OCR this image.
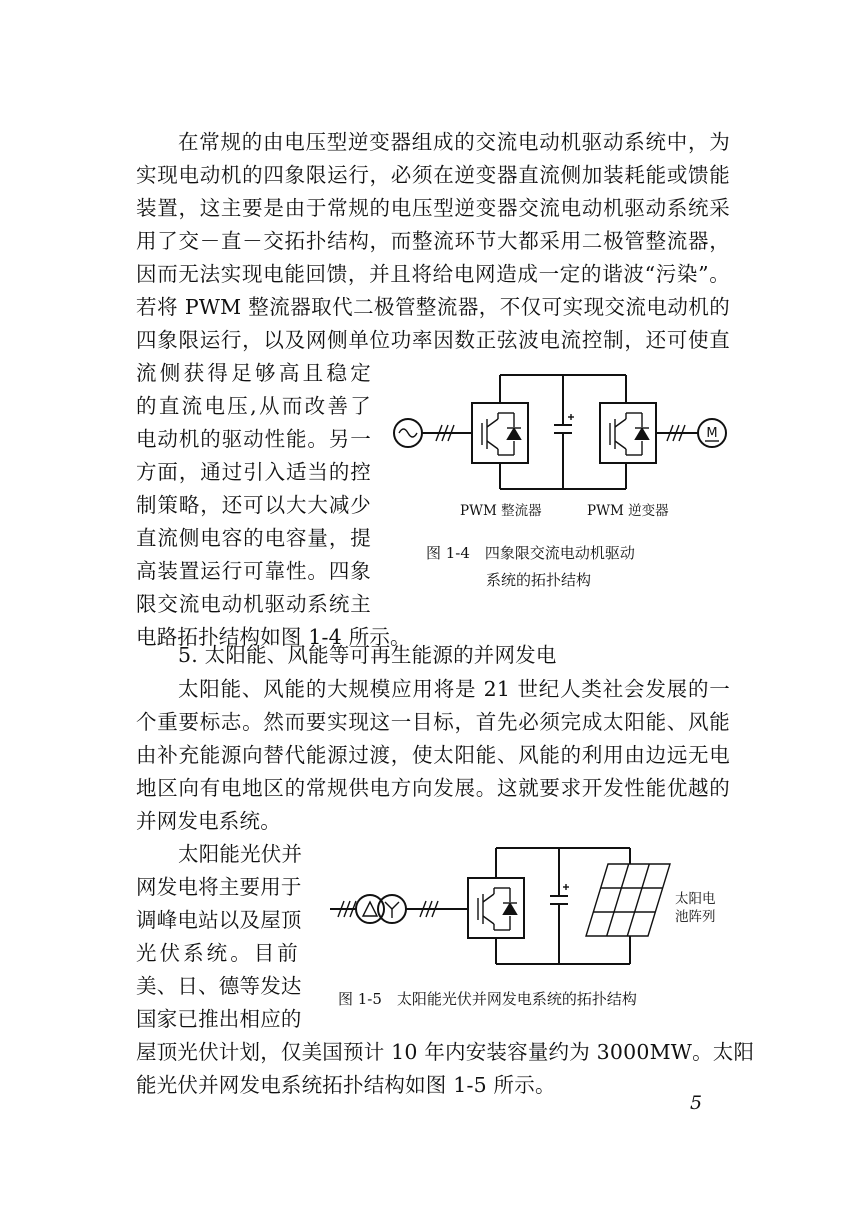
在常规的由电压型逆变器组成的交流电动机驱动系统中，为
实现电动机的四象限运行，必须在逆变器直流侧加装耗能或馈能
装置，这主要是由于常规的电压型逆变器交流电动机驱动系统采
用了交－直－交拓扑结构，而整流环节大都采用二极管整流器，
因而无法实现电能回馈，并且将给电网造成一定的谐波“污染”。
若将 PWM 整流器取代二极管整流器，不仅可实现交流电动机的
四象限运行，以及网侧单位功率因数正弦波电流控制，还可使直
流侧获得足够高且稳定
的直流电压,从而改善了
电动机的驱动性能。另一
方面，通过引入适当的控
制策略，还可以大大减少
直流侧电容的电容量，提
高装置运行可靠性。四象
限交流电动机驱动系统主
电路拓扑结构如图 1-4 所示。
M
PWM 整流器	PWM 逆变器
图 1-4　四象限交流电动机驱动
系统的拓扑结构
5. 太阳能、风能等可再生能源的并网发电
太阳能、风能的大规模应用将是 21 世纪人类社会发展的一
个重要标志。然而要实现这一目标，首先必须完成太阳能、风能
由补充能源向替代能源过渡，使太阳能、风能的利用由边远无电
地区向有电地区的常规供电方向发展。这就要求开发性能优越的
并网发电系统。
太阳能光伏并
网发电将主要用于
调峰电站以及屋顶
光伏系统。目前
美、日、德等发达
国家已推出相应的
屋顶光伏计划，仅美国预计 10 年内安装容量约为 3000MW。太阳
能光伏并网发电系统拓扑结构如图 1-5 所示。
太阳电
池阵列
图 1-5　太阳能光伏并网发电系统的拓扑结构
5
